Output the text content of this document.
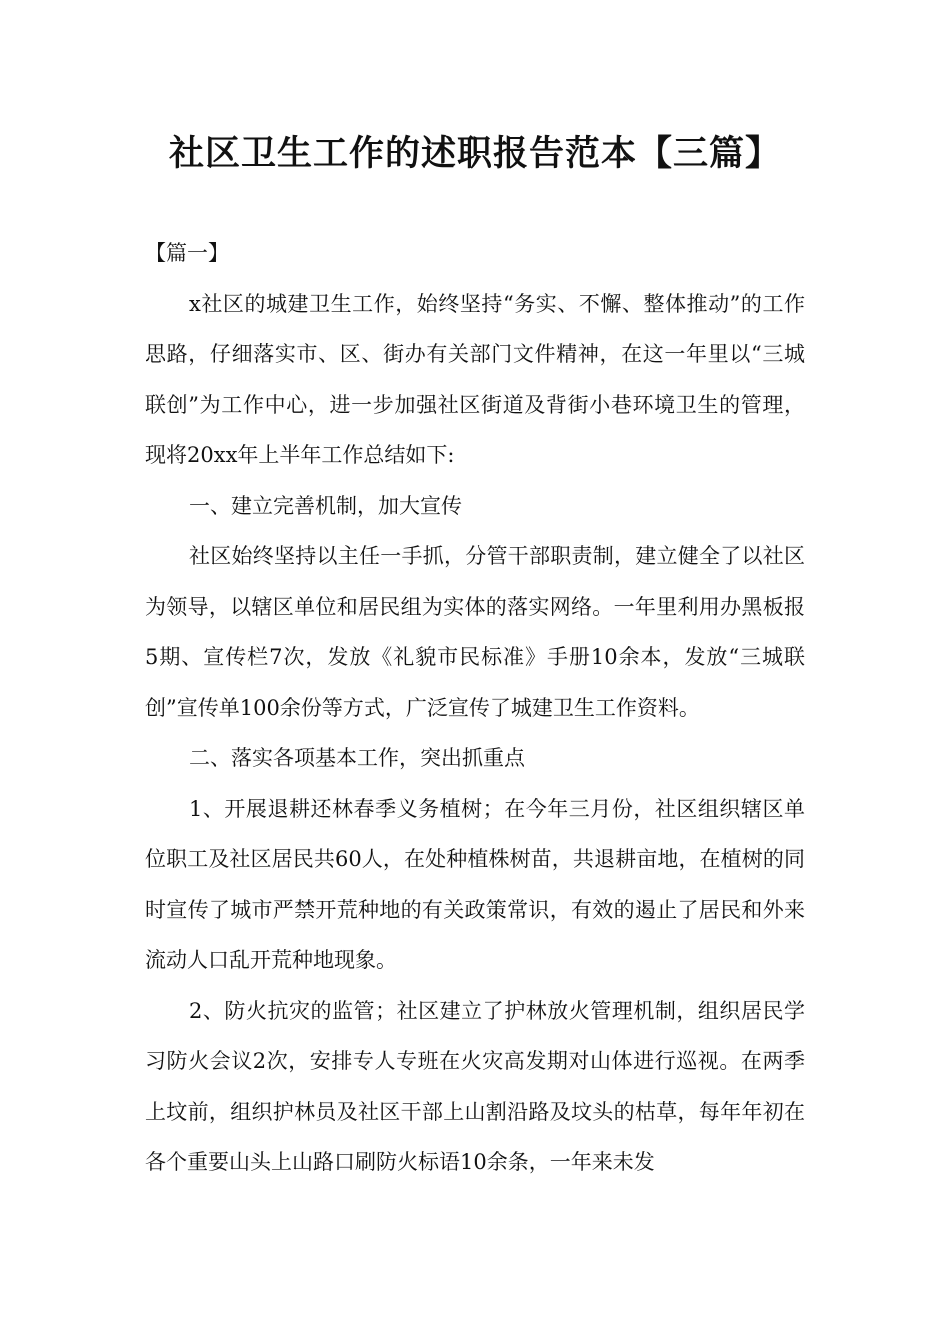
社区卫生工作的述职报告范本【三篇】

【篇一】

x社区的城建卫生工作，始终坚持“务实、不懈、整体推动”的工作思路，仔细落实市、区、街办有关部门文件精神，在这一年里以“三城联创”为工作中心，进一步加强社区街道及背街小巷环境卫生的管理，现将20xx年上半年工作总结如下:

一、建立完善机制，加大宣传

社区始终坚持以主任一手抓，分管干部职责制，建立健全了以社区为领导，以辖区单位和居民组为实体的落实网络。一年里利用办黑板报5期、宣传栏7次，发放《礼貌市民标准》手册10余本，发放“三城联创”宣传单100余份等方式，广泛宣传了城建卫生工作资料。

二、落实各项基本工作，突出抓重点

1、开展退耕还林春季义务植树；在今年三月份，社区组织辖区单位职工及社区居民共60人，在处种植株树苗，共退耕亩地，在植树的同时宣传了城市严禁开荒种地的有关政策常识，有效的遏止了居民和外来流动人口乱开荒种地现象。

2、防火抗灾的监管；社区建立了护林放火管理机制，组织居民学习防火会议2次，安排专人专班在火灾高发期对山体进行巡视。在两季上坟前，组织护林员及社区干部上山割沿路及坟头的枯草，每年年初在各个重要山头上山路口刷防火标语10余条，一年来未发
